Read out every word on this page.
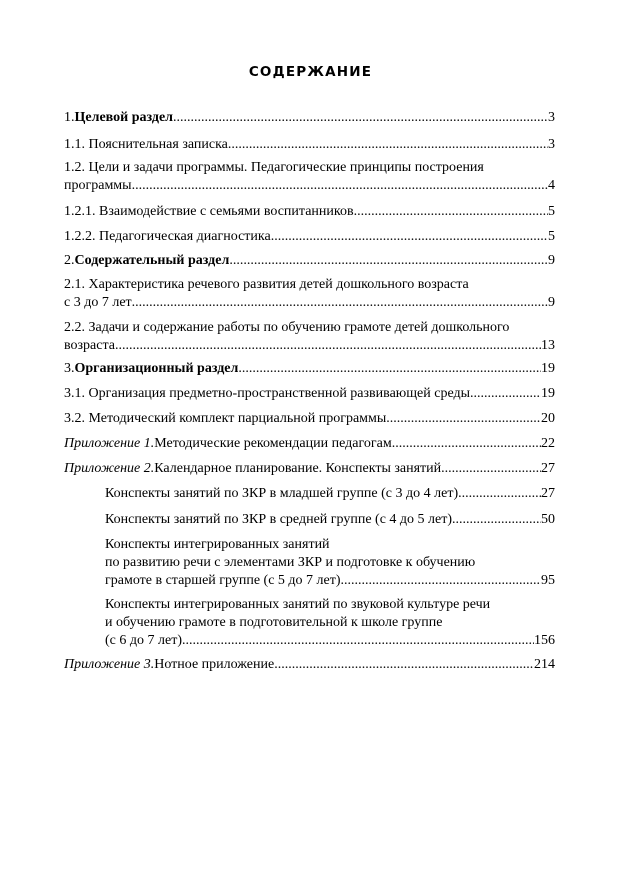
СОДЕРЖАНИЕ
1. Целевой раздел .....	3
1.1. Пояснительная записка .....	3
1.2. Цели и задачи программы. Педагогические принципы построения
программы .....	4
1.2.1. Взаимодействие с семьями воспитанников .....	5
1.2.2. Педагогическая диагностика .....	5
2. Содержательный раздел .....	9
2.1. Характеристика речевого развития детей дошкольного возраста
с 3 до 7 лет .....	9
2.2. Задачи и содержание работы по обучению грамоте детей дошкольного
возраста .....	13
3. Организационный раздел .....	19
3.1. Организация предметно-пространственной развивающей среды .....	19
3.2. Методический комплект парциальной программы .....	20
Приложение 1. Методические рекомендации педагогам .....	22
Приложение 2. Календарное планирование. Конспекты занятий .....	27
Конспекты занятий по ЗКР в младшей группе (с 3 до 4 лет) .....	27
Конспекты занятий по ЗКР в средней группе (с 4 до 5 лет) .....	50
Конспекты интегрированных занятий
по развитию речи с элементами ЗКР и подготовке к обучению
грамоте в старшей группе (с 5 до 7 лет) .....	95
Конспекты интегрированных занятий по звуковой культуре речи
и обучению грамоте в подготовительной к школе группе
(с 6 до 7 лет) .....	156
Приложение 3. Нотное приложение .....	214
